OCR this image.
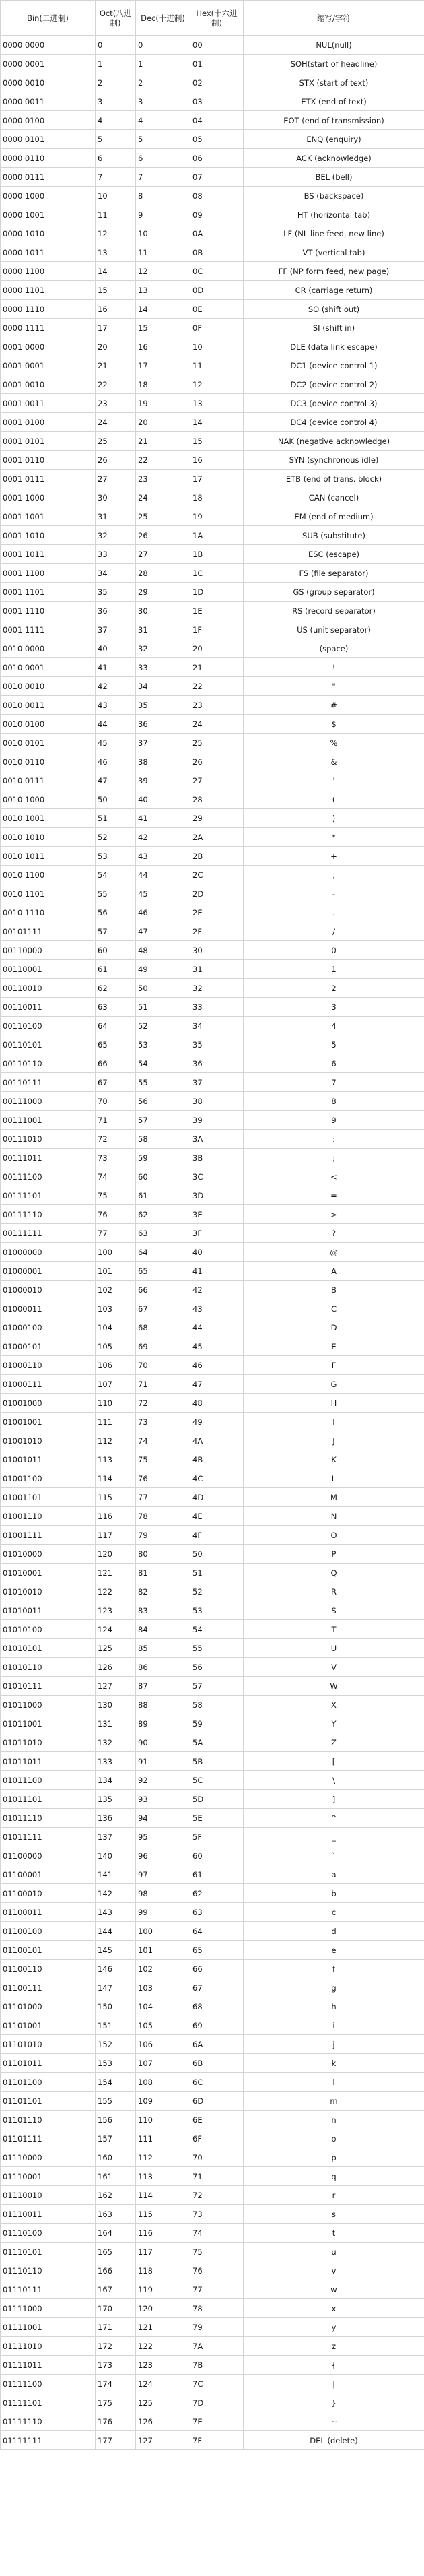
Bin(二进制)	Oct(八进制)	Dec(十进制)	Hex(十六进制)	缩写/字符
0000 0000	0	0	00	NUL(null)
0000 0001	1	1	01	SOH(start of headline)
0000 0010	2	2	02	STX (start of text)
0000 0011	3	3	03	ETX (end of text)
0000 0100	4	4	04	EOT (end of transmission)
0000 0101	5	5	05	ENQ (enquiry)
0000 0110	6	6	06	ACK (acknowledge)
0000 0111	7	7	07	BEL (bell)
0000 1000	10	8	08	BS (backspace)
0000 1001	11	9	09	HT (horizontal tab)
0000 1010	12	10	0A	LF (NL line feed, new line)
0000 1011	13	11	0B	VT (vertical tab)
0000 1100	14	12	0C	FF (NP form feed, new page)
0000 1101	15	13	0D	CR (carriage return)
0000 1110	16	14	0E	SO (shift out)
0000 1111	17	15	0F	SI (shift in)
0001 0000	20	16	10	DLE (data link escape)
0001 0001	21	17	11	DC1 (device control 1)
0001 0010	22	18	12	DC2 (device control 2)
0001 0011	23	19	13	DC3 (device control 3)
0001 0100	24	20	14	DC4 (device control 4)
0001 0101	25	21	15	NAK (negative acknowledge)
0001 0110	26	22	16	SYN (synchronous idle)
0001 0111	27	23	17	ETB (end of trans. block)
0001 1000	30	24	18	CAN (cancel)
0001 1001	31	25	19	EM (end of medium)
0001 1010	32	26	1A	SUB (substitute)
0001 1011	33	27	1B	ESC (escape)
0001 1100	34	28	1C	FS (file separator)
0001 1101	35	29	1D	GS (group separator)
0001 1110	36	30	1E	RS (record separator)
0001 1111	37	31	1F	US (unit separator)
0010 0000	40	32	20	(space)
0010 0001	41	33	21	!
0010 0010	42	34	22	"
0010 0011	43	35	23	#
0010 0100	44	36	24	$
0010 0101	45	37	25	%
0010 0110	46	38	26	&
0010 0111	47	39	27	'
0010 1000	50	40	28	(
0010 1001	51	41	29	)
0010 1010	52	42	2A	*
0010 1011	53	43	2B	+
0010 1100	54	44	2C	,
0010 1101	55	45	2D	-
0010 1110	56	46	2E	.
00101111	57	47	2F	/
00110000	60	48	30	0
00110001	61	49	31	1
00110010	62	50	32	2
00110011	63	51	33	3
00110100	64	52	34	4
00110101	65	53	35	5
00110110	66	54	36	6
00110111	67	55	37	7
00111000	70	56	38	8
00111001	71	57	39	9
00111010	72	58	3A	:
00111011	73	59	3B	;
00111100	74	60	3C	<
00111101	75	61	3D	=
00111110	76	62	3E	>
00111111	77	63	3F	?
01000000	100	64	40	@
01000001	101	65	41	A
01000010	102	66	42	B
01000011	103	67	43	C
01000100	104	68	44	D
01000101	105	69	45	E
01000110	106	70	46	F
01000111	107	71	47	G
01001000	110	72	48	H
01001001	111	73	49	I
01001010	112	74	4A	J
01001011	113	75	4B	K
01001100	114	76	4C	L
01001101	115	77	4D	M
01001110	116	78	4E	N
01001111	117	79	4F	O
01010000	120	80	50	P
01010001	121	81	51	Q
01010010	122	82	52	R
01010011	123	83	53	S
01010100	124	84	54	T
01010101	125	85	55	U
01010110	126	86	56	V
01010111	127	87	57	W
01011000	130	88	58	X
01011001	131	89	59	Y
01011010	132	90	5A	Z
01011011	133	91	5B	[
01011100	134	92	5C	\
01011101	135	93	5D	]
01011110	136	94	5E	^
01011111	137	95	5F	_
01100000	140	96	60	`
01100001	141	97	61	a
01100010	142	98	62	b
01100011	143	99	63	c
01100100	144	100	64	d
01100101	145	101	65	e
01100110	146	102	66	f
01100111	147	103	67	g
01101000	150	104	68	h
01101001	151	105	69	i
01101010	152	106	6A	j
01101011	153	107	6B	k
01101100	154	108	6C	l
01101101	155	109	6D	m
01101110	156	110	6E	n
01101111	157	111	6F	o
01110000	160	112	70	p
01110001	161	113	71	q
01110010	162	114	72	r
01110011	163	115	73	s
01110100	164	116	74	t
01110101	165	117	75	u
01110110	166	118	76	v
01110111	167	119	77	w
01111000	170	120	78	x
01111001	171	121	79	y
01111010	172	122	7A	z
01111011	173	123	7B	{
01111100	174	124	7C	|
01111101	175	125	7D	}
01111110	176	126	7E	~
01111111	177	127	7F	DEL (delete)
